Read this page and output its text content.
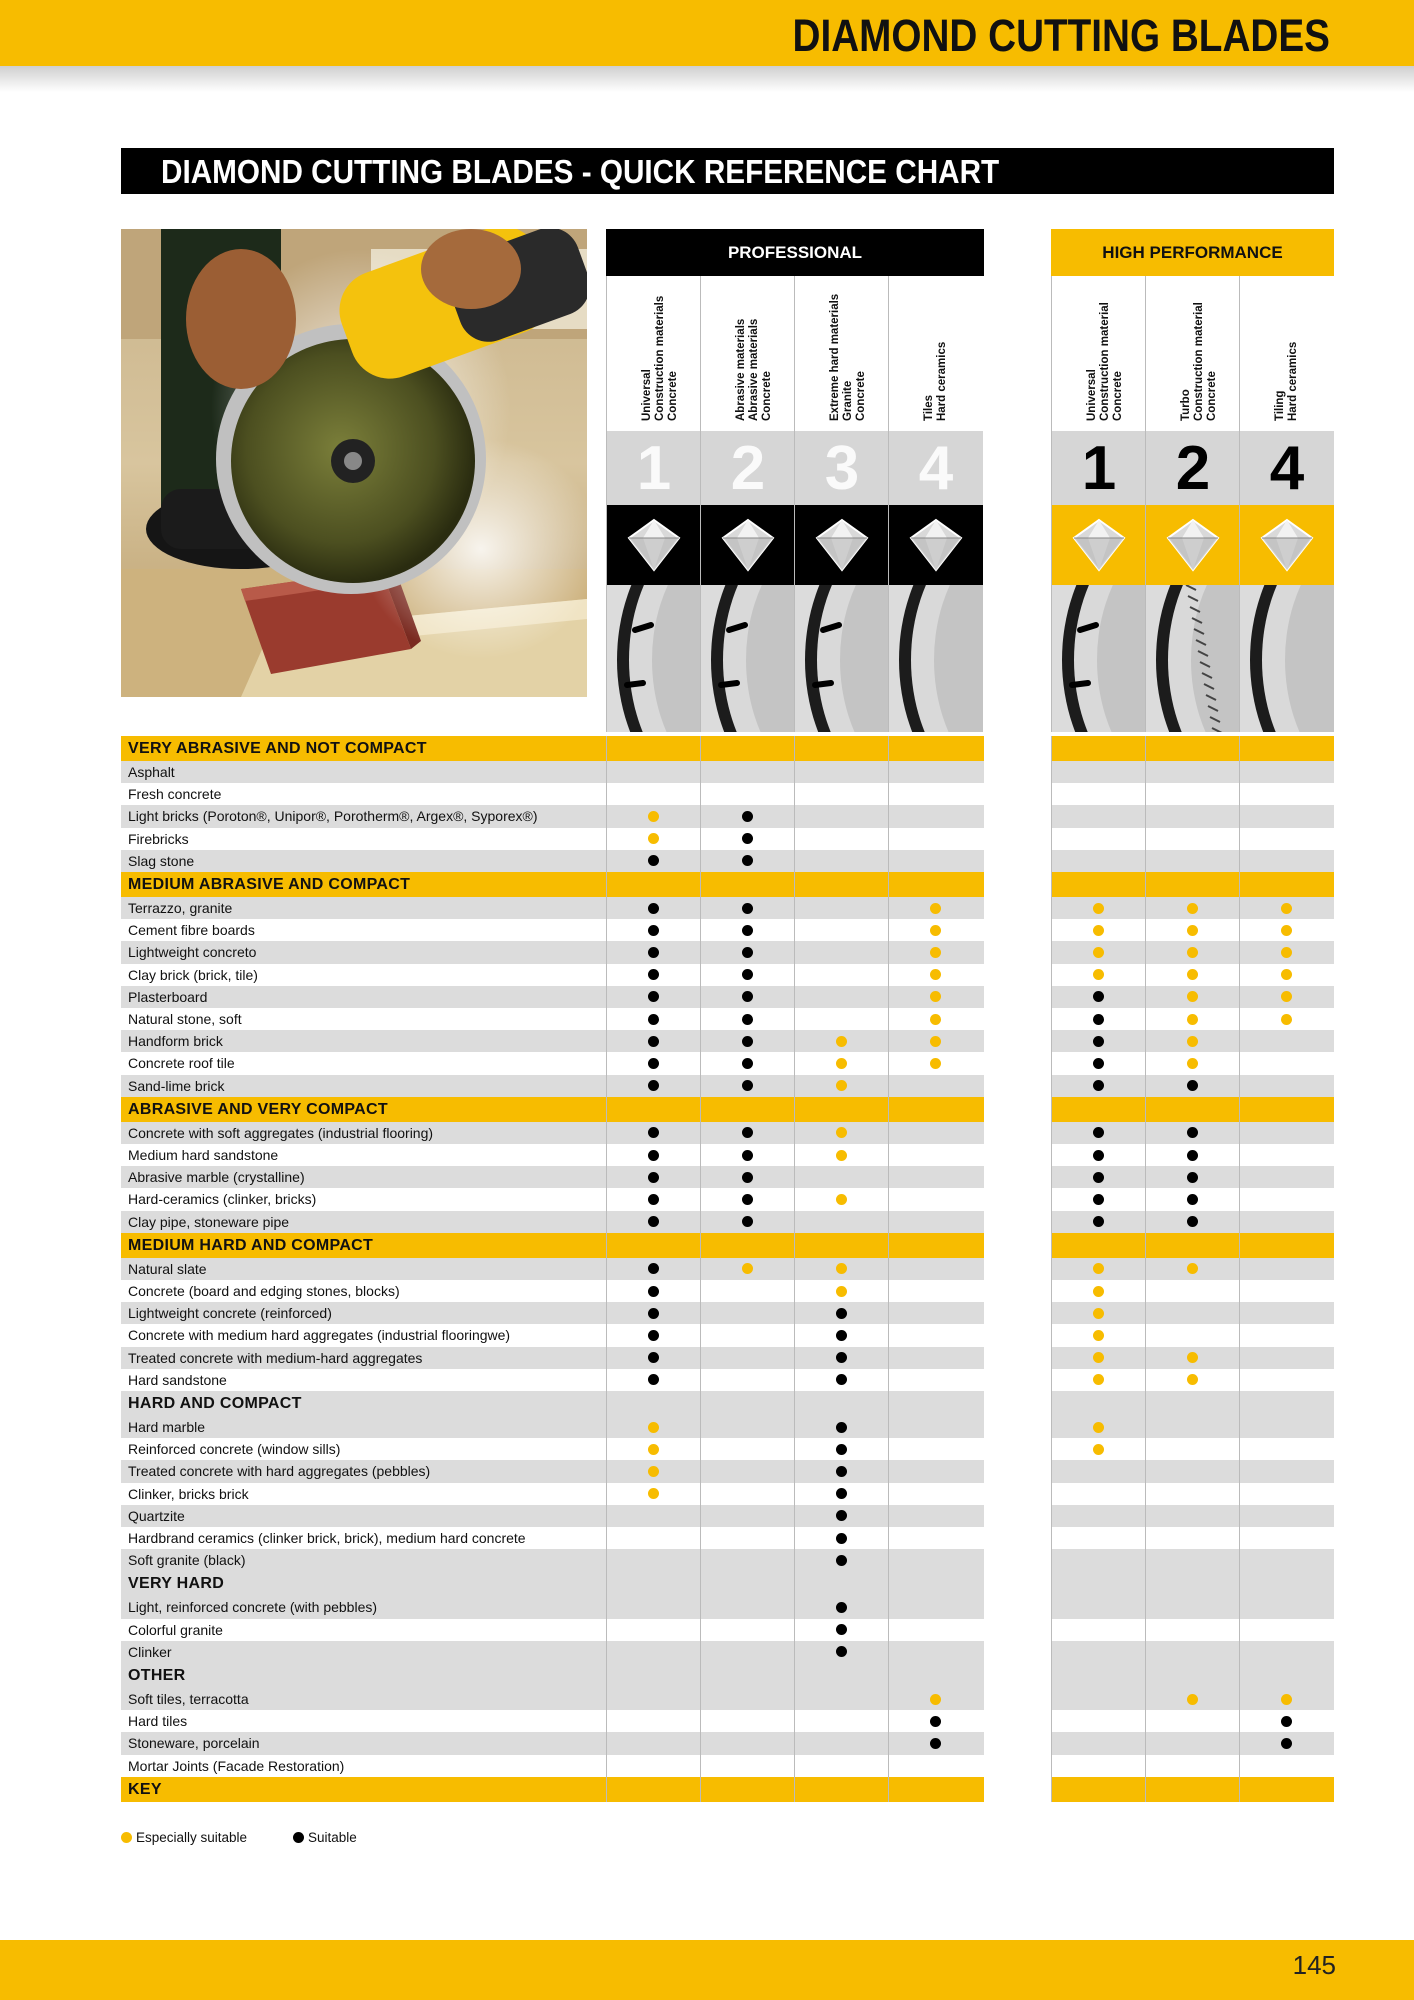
DIAMOND CUTTING BLADES
DIAMOND CUTTING BLADES - QUICK REFERENCE CHART
PROFESSIONAL	HIGH PERFORMANCE
Universal Construction materials Concrete
1
Abrasive materials Abrasive materials Concrete
2
Extreme hard materials Granite Concrete
3
Tiles Hard ceramics
4
Universal Construction material Concrete
1
Turbo Construction material Concrete
2
Tiling Hard ceramics
4
VERY ABRASIVE AND NOT COMPACT
Asphalt
Fresh concrete
Light bricks (Poroton®, Unipor®, Porotherm®, Argex®, Syporex®)
Firebricks
Slag stone
MEDIUM ABRASIVE AND COMPACT
Terrazzo, granite
Cement fibre boards
Lightweight concreto
Clay brick (brick, tile)
Plasterboard
Natural stone, soft
Handform brick
Concrete roof tile
Sand-lime brick
ABRASIVE AND VERY COMPACT
Concrete with soft aggregates (industrial flooring)
Medium hard sandstone
Abrasive marble (crystalline)
Hard-ceramics (clinker, bricks)
Clay pipe, stoneware pipe
MEDIUM HARD AND COMPACT
Natural slate
Concrete (board and edging stones, blocks)
Lightweight concrete (reinforced)
Concrete with medium hard aggregates (industrial flooringwe)
Treated concrete with medium-hard aggregates
Hard sandstone
HARD AND COMPACT
Hard marble
Reinforced concrete (window sills)
Treated concrete with hard aggregates (pebbles)
Clinker, bricks brick
Quartzite
Hardbrand ceramics (clinker brick, brick), medium hard concrete
Soft granite (black)
VERY HARD
Light, reinforced concrete (with pebbles)
Colorful granite
Clinker
OTHER
Soft tiles, terracotta
Hard tiles
Stoneware, porcelain
Mortar Joints (Facade Restoration)
KEY
Especially suitable	Suitable
145
